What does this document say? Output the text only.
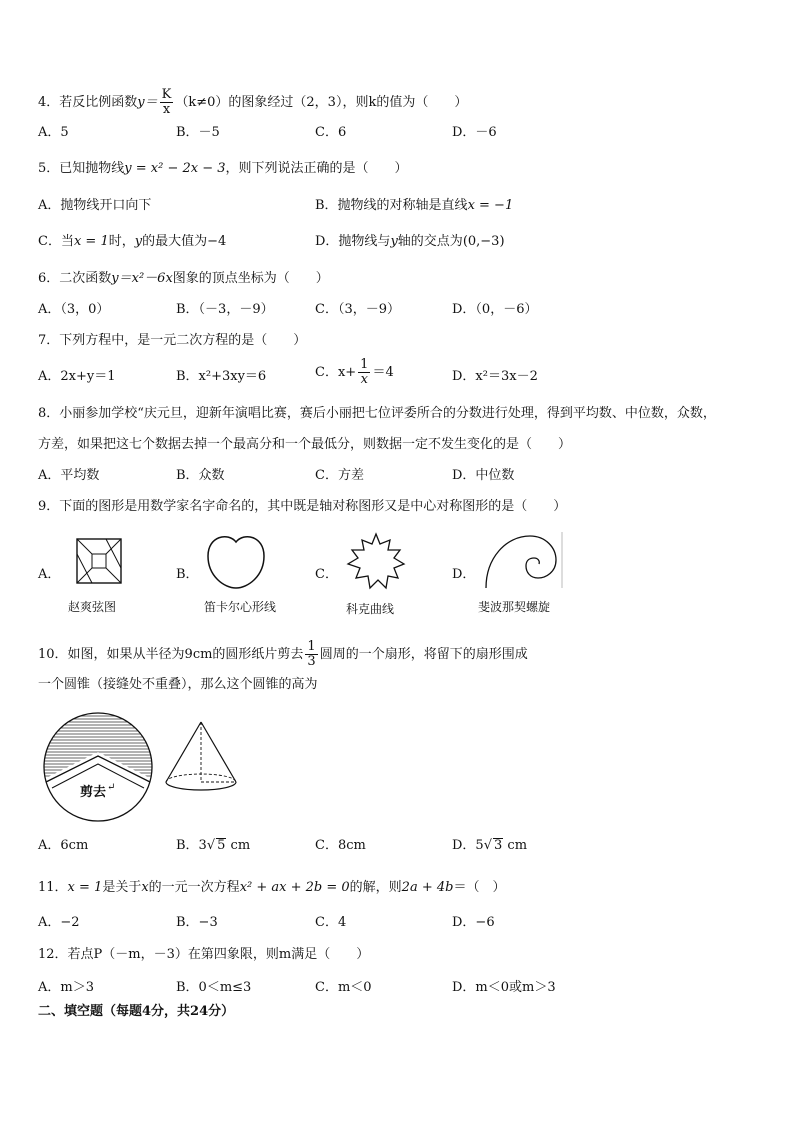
4．若反比例函数$y= \frac{K}{x} (k\ne 0)$的图象经过（2，3），则k的值为（　　）
A．5	B．－5	C．6	D．－6
5．已知抛物线y = x² − 2x − 3，则下列说法正确的是（　　）
A．抛物线开口向下	B．抛物线的对称轴是直线x = −1
C．当x = 1时，y的最大值为−4	D．抛物线与y轴的交点为(0,−3)
6．二次函数y＝x²－6x图象的顶点坐标为（　　）
A．（3，0）	B．（－3，－9）	C．（3，－9）	D．（0，－6）
7．下列方程中，是一元二次方程的是（　　）
A．2x+y＝1	B．x²+3xy＝6	C．$x+ \frac{1}{x} =4$	D．x²＝3x－2
8．小丽参加学校“庆元旦，迎新年演唱比赛，赛后小丽把七位评委所合的分数进行处理，得到平均数、中位数，众数，
方差，如果把这七个数据去掉一个最高分和一个最低分，则数据一定不发生变化的是（　　）
A．平均数	B．众数	C．方差	D．中位数
9．下面的图形是用数学家名字命名的，其中既是轴对称图形又是中心对称图形的是（　　）
A．	B．	C．	D．
赵爽弦图	笛卡尔心形线	科克曲线	斐波那契螺旋
10．如图，如果从半径为9cm的圆形纸片剪去 $\frac{1}{3}$ 圆周的一个扇形，将留下的扇形围成
一个圆锥（接缝处不重叠），那么这个圆锥的高为
剪去 ↵
A．6cm	B．3√ 5 cm	C．8cm	D．5√ 3 cm
11．x = 1是关于x的一元一次方程x² + ax + 2b = 0的解，则2a + 4b＝（　）
A．−2	B．−3	C．4	D．−6
12．若点P（－m，－3）在第四象限，则m满足（　　）
A．m＞3	B．0＜m≤3	C．m＜0	D．m＜0或m＞3
二、填空题（每题4分，共24分）
